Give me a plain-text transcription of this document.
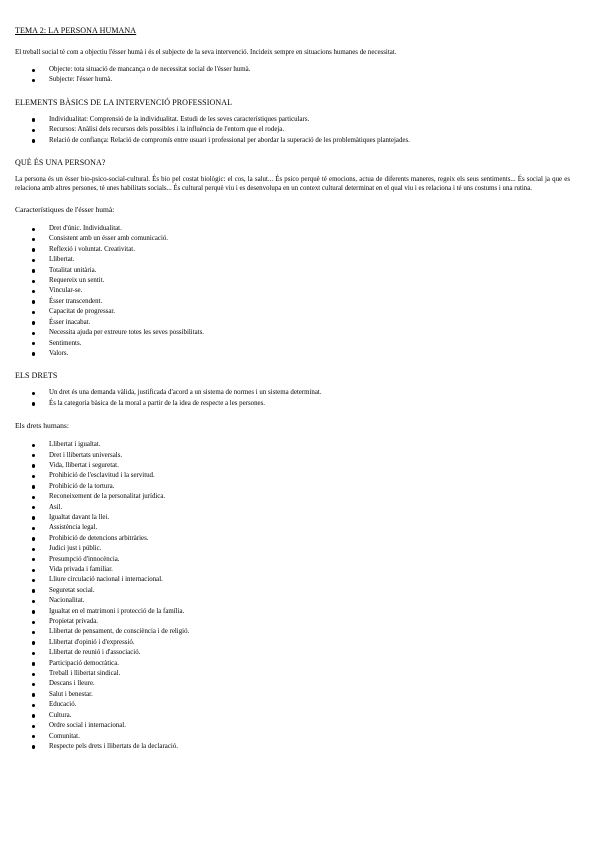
TEMA 2: LA PERSONA HUMANA

El treball social té com a objectiu l'ésser humà i és el subjecte de la seva intervenció. Incideix sempre en situacions humanes de necessitat.

Objecte: tota situació de mancança o de necessitat social de l'ésser humà.
Subjecte: l'ésser humà.
ELEMENTS BÀSICS DE LA INTERVENCIÓ PROFESSIONAL
Individualitat: Comprensió de la individualitat. Estudi de les seves característiques particulars.
Recursos: Anàlisi dels recursos dels possibles i la influència de l'entorn que el rodeja.
Relació de confiança: Relació de compromís entre usuari i professional per abordar la superació de les problemàtiques plantejades.
QUÈ ÉS UNA PERSONA?

La persona és un ésser bio-psico-social-cultural. És bio pel costat biològic: el cos, la salut... És psico perquè té emocions, actua de diferents maneres, regeix els seus sentiments... És social ja que es relaciona amb altres persones, té unes habilitats socials... És cultural perquè viu i es desenvolupa en un context cultural determinat en el qual viu i es relaciona i té uns costums i una rutina.

Característiques de l'ésser humà:
Dret d'únic. Individualitat.
Consistent amb un ésser amb comunicació.
Reflexió i voluntat. Creativitat.
Llibertat.
Totalitat unitària.
Requereix un sentit.
Vincular-se.
Ésser transcendent.
Capacitat de progressar.
Ésser inacabat.
Necessita ajuda per extreure totes les seves possibilitats.
Sentiments.
Valors.
ELS DRETS
Un dret és una demanda vàlida, justificada d'acord a un sistema de normes i un sistema determinat.
És la categoria bàsica de la moral a partir de la idea de respecte a les persones.
Els drets humans:
Llibertat i igualtat.
Dret i llibertats universals.
Vida, llibertat i seguretat.
Prohibició de l'esclavitud i la servitud.
Prohibició de la tortura.
Reconeixement de la personalitat jurídica.
Asil.
Igualtat davant la llei.
Assistència legal.
Prohibició de detencions arbitràries.
Judici just i públic.
Presumpció d'innocència.
Vida privada i familiar.
Lliure circulació nacional i internacional.
Seguretat social.
Nacionalitat.
Igualtat en el matrimoni i protecció de la família.
Propietat privada.
Llibertat de pensament, de consciència i de religió.
Llibertat d'opinió i d'expressió.
Llibertat de reunió i d'associació.
Participació democràtica.
Treball i llibertat sindical.
Descans i lleure.
Salut i benestar.
Educació.
Cultura.
Ordre social i internacional.
Comunitat.
Respecte pels drets i llibertats de la declaració.
